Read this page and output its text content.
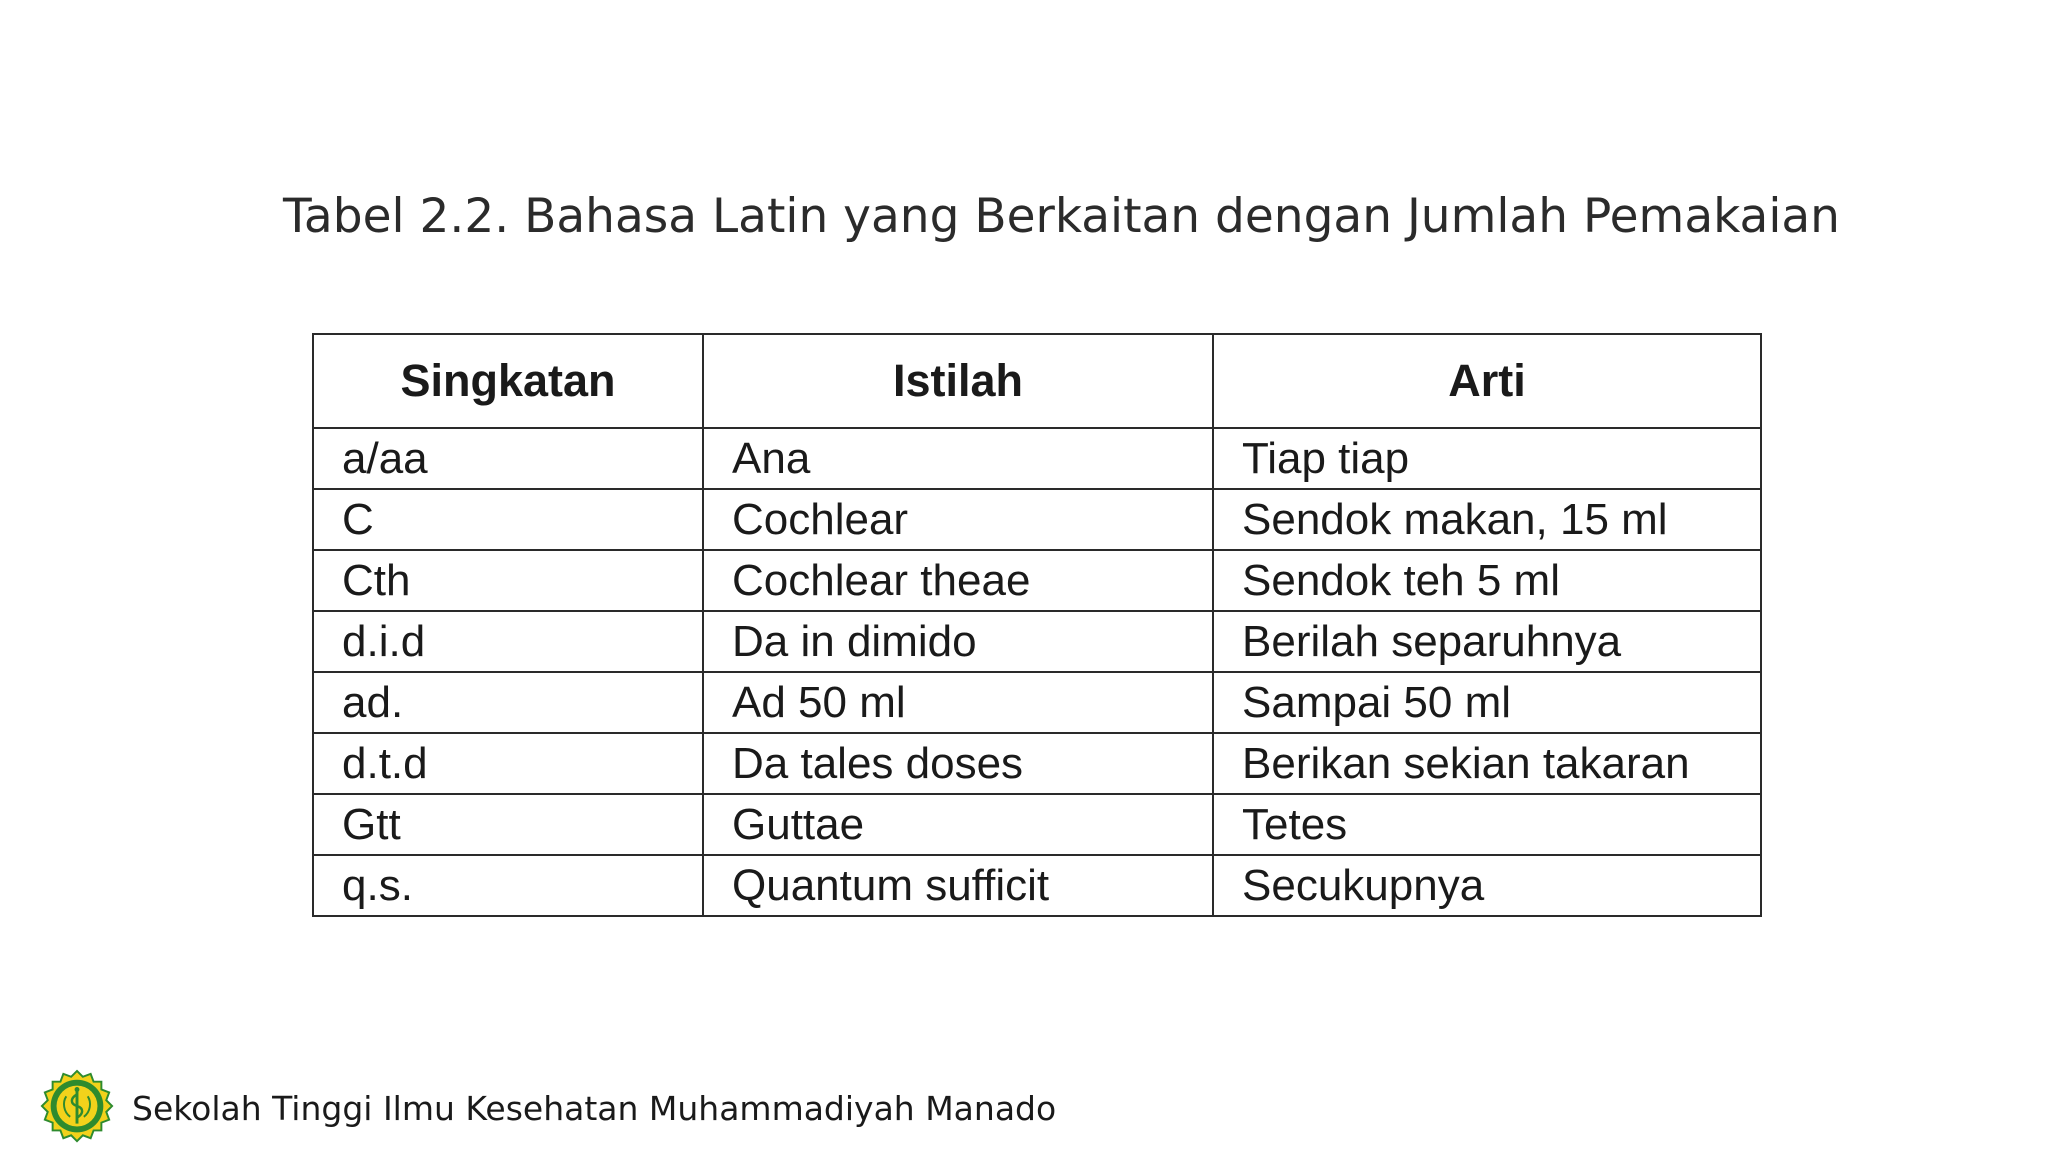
Tabel 2.2. Bahasa Latin yang Berkaitan dengan Jumlah Pemakaian
Singkatan	Istilah	Arti
a/aa	Ana	Tiap tiap
C	Cochlear	Sendok makan, 15 ml
Cth	Cochlear theae	Sendok teh 5 ml
d.i.d	Da in dimido	Berilah separuhnya
ad.	Ad 50 ml	Sampai 50 ml
d.t.d	Da tales doses	Berikan sekian takaran
Gtt	Guttae	Tetes
q.s.	Quantum sufficit	Secukupnya
Sekolah Tinggi Ilmu Kesehatan Muhammadiyah Manado
